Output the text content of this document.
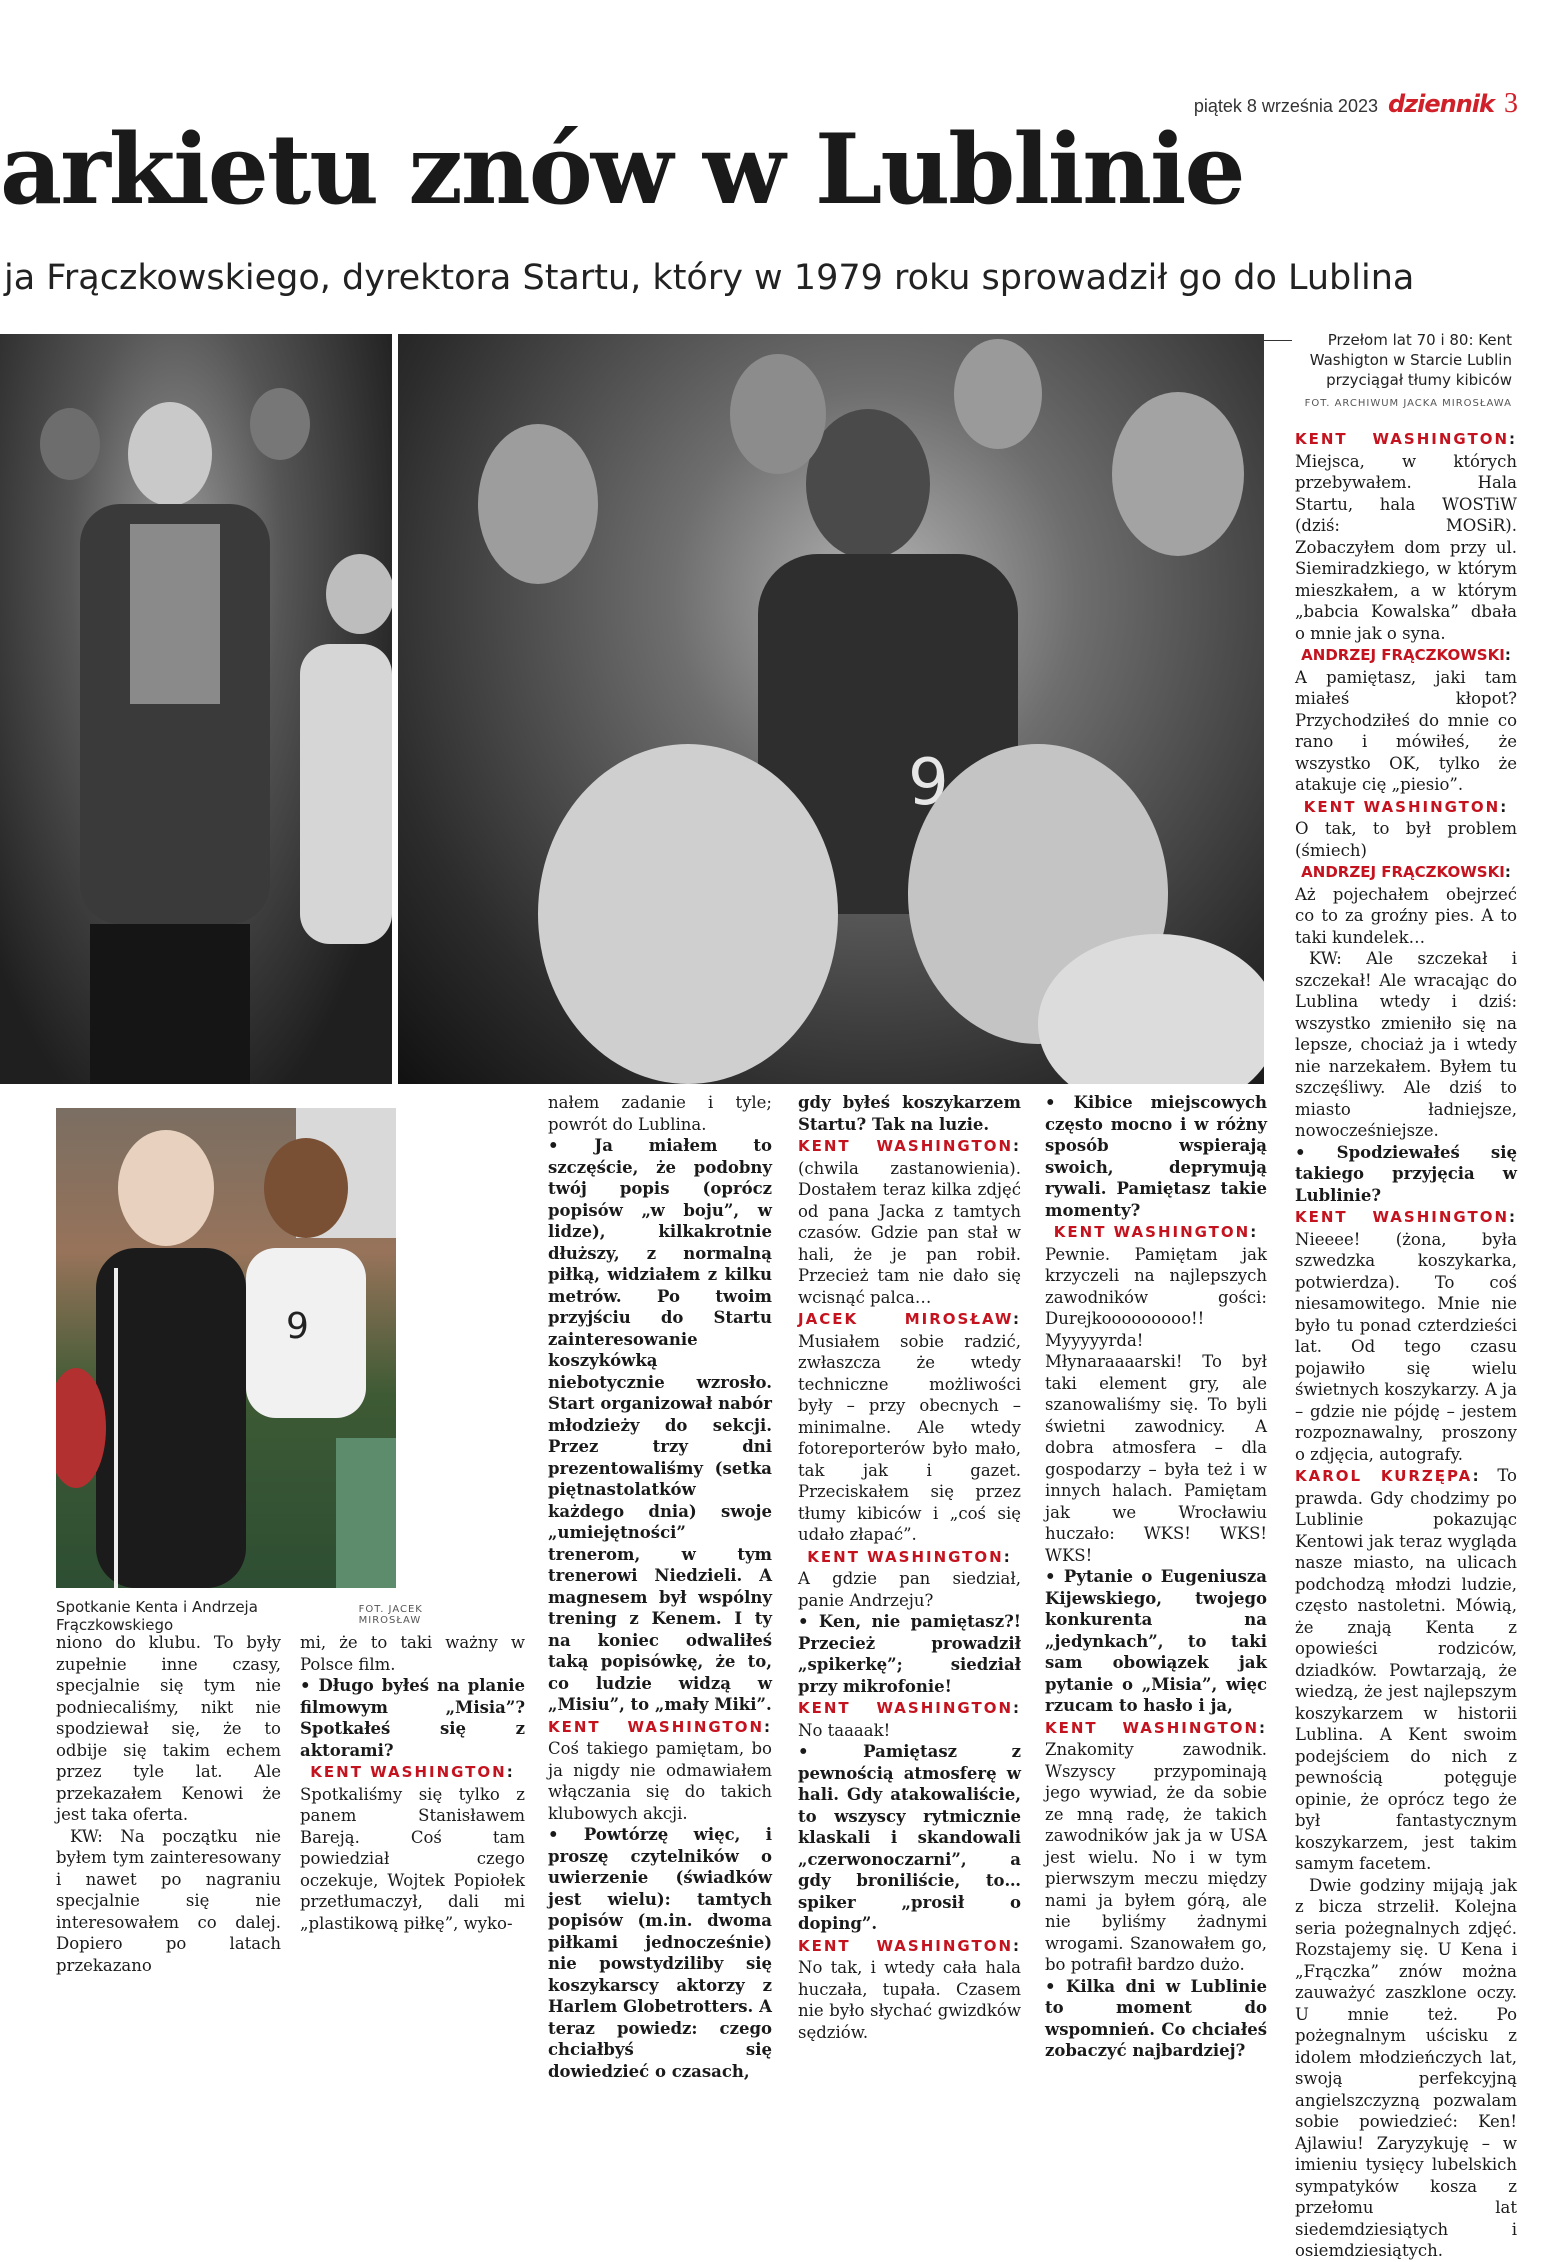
piątek 8 września 2023 dziennik 3
arkietu znów w Lublinie
ja Frączkowskiego, dyrektora Startu, który w 1979 roku sprowadził go do Lublina
9
9
Przełom lat 70 i 80: Kent
Washigton w Starcie Lublin
przyciągał tłumy kibiców
FOT. ARCHIWUM JACKA MIROSŁAWA
Spotkanie Kenta i Andrzeja Frączkowskiego
FOT. JACEK MIROSŁAW

KENT WASHINGTON : Miejsca, w których przebywałem. Hala Startu, hala WOSTiW (dziś: MOSiR). Zobaczyłem dom przy ul. Siemiradzkiego, w którym mieszkałem, a w którym „babcia Kowalska” dbała o mnie jak o syna.

ANDRZEJ FRĄCZKOWSKI :

A pamiętasz, jaki tam miałeś kłopot? Przychodziłeś do mnie co rano i mówiłeś, że wszystko OK, tylko że atakuje cię „piesio”.

KENT WASHINGTON :

O tak, to był problem (śmiech)

ANDRZEJ FRĄCZKOWSKI :

Aż pojechałem obejrzeć co to za groźny pies. A to taki kundelek…

KW: Ale szczekał i szczekał! Ale wracając do Lublina wtedy i dziś: wszystko zmieniło się na lepsze, chociaż ja i wtedy nie narzekałem. Byłem tu szczęśliwy. Ale dziś to miasto ładniejsze, nowocześniejsze.

• Spodziewałeś się takiego przyjęcia w Lublinie?

KENT WASHINGTON : Nieeee! (żona, była szwedzka koszykarka, potwierdza). To coś niesamowitego. Mnie nie było tu ponad czterdzieści lat. Od tego czasu pojawiło się wielu świetnych koszykarzy. A ja – gdzie nie pójdę – jestem rozpoznawalny, proszony o zdjęcia, autografy.

KAROL KURZĘPA : To prawda. Gdy chodzimy po Lublinie pokazując Kentowi jak teraz wygląda nasze miasto, na ulicach podchodzą młodzi ludzie, często nastoletni. Mówią, że znają Kenta z opowieści rodziców, dziadków. Powtarzają, że wiedzą, że jest najlepszym koszykarzem w historii Lublina. A Kent swoim podejściem do nich z pewnością potęguje opinie, że oprócz tego że był fantastycznym koszykarzem, jest takim samym facetem.

Dwie godziny mijają jak z bicza strzelił. Kolejna seria pożegnalnych zdjęć. Rozstajemy się. U Kena i „Frączka” znów można zauważyć zaszklone oczy. U mnie też. Po pożegnalnym uścisku z idolem młodzieńczych lat, swoją perfekcyjną angielszczyzną pozwalam sobie powiedzieć: Ken! Ajlawiu! Zaryzykuję – w imieniu tysięcy lubelskich sympatyków kosza z przełomu lat siedemdziesiątych i osiemdziesiątych.

nałem zadanie i tyle; powrót do Lublina.

• Ja miałem to szczęście, że podobny twój popis (oprócz popisów „w boju”, w lidze), kilkakrotnie dłuższy, z normalną piłką, widziałem z kilku metrów. Po twoim przyjściu do Startu zainteresowanie koszykówką niebotycznie wzrosło. Start organizował nabór młodzieży do sekcji. Przez trzy dni prezentowaliśmy (setka piętnastolatków każdego dnia) swoje „umiejętności” trenerom, w tym trenerowi Niedzieli. A magnesem był wspólny trening z Kenem. I ty na koniec odwaliłeś taką popisówkę, że to, co ludzie widzą w „Misiu”, to „mały Miki”.

KENT WASHINGTON : Coś takiego pamiętam, bo ja nigdy nie odmawiałem włączania się do takich klubowych akcji.

• Powtórzę więc, i proszę czytelników o uwierzenie (świadków jest wielu): tamtych popisów (m.in. dwoma piłkami jednocześnie) nie powstydziliby się koszykarscy aktorzy z Harlem Globetrotters. A teraz powiedz: czego chciałbyś się dowiedzieć o czasach,

gdy byłeś koszykarzem Startu? Tak na luzie.

KENT WASHINGTON : (chwila zastanowienia). Dostałem teraz kilka zdjęć od pana Jacka z tamtych czasów. Gdzie pan stał w hali, że je pan robił. Przecież tam nie dało się wcisnąć palca…

JACEK MIROSŁAW : Musiałem sobie radzić, zwłaszcza że wtedy techniczne możliwości były – przy obecnych – minimalne. Ale wtedy fotoreporterów było mało, tak jak i gazet. Przeciskałem się przez tłumy kibiców i „coś się udało złapać”.

KENT WASHINGTON :

A gdzie pan siedział, panie Andrzeju?

• Ken, nie pamiętasz?! Przecież prowadził „spikerkę”; siedział przy mikrofonie!

KENT WASHINGTON : No taaaak!

• Pamiętasz z pewnością atmosferę w hali. Gdy atakowaliście, to wszyscy rytmicznie klaskali i skandowali „czerwonoczarni”, a gdy broniliście, to… spiker „prosił o doping”.

KENT WASHINGTON : No tak, i wtedy cała hala huczała, tupała. Czasem nie było słychać gwizdków sędziów.

• Kibice miejscowych często mocno i w różny sposób wspierają swoich, deprymują rywali. Pamiętasz takie momenty?

KENT WASHINGTON :

Pewnie. Pamiętam jak krzyczeli na najlepszych zawodników gości: Durejkooooooooo!! Myyyyyrda! Młynaraaaarski! To był taki element gry, ale szanowaliśmy się. To byli świetni zawodnicy. A dobra atmosfera – dla gospodarzy – była też i w innych halach. Pamiętam jak we Wrocławiu huczało: WKS! WKS! WKS!

• Pytanie o Eugeniusza Kijewskiego, twojego konkurenta na „jedynkach”, to taki sam obowiązek jak pytanie o „Misia”, więc rzucam to hasło i ja,

KENT WASHINGTON : Znakomity zawodnik. Wszyscy przypominają jego wywiad, że da sobie ze mną radę, że takich zawodników jak ja w USA jest wielu. No i w tym pierwszym meczu między nami ja byłem górą, ale nie byliśmy żadnymi wrogami. Szanowałem go, bo potrafił bardzo dużo.

• Kilka dni w Lublinie to moment do wspomnień. Co chciałeś zobaczyć najbardziej?

niono do klubu. To były zupełnie inne czasy, specjalnie się tym nie podniecaliśmy, nikt nie spodziewał się, że to odbije się takim echem przez tyle lat. Ale przekazałem Kenowi że jest taka oferta.

KW: Na początku nie byłem tym zainteresowany i nawet po nagraniu specjalnie się nie interesowałem co dalej. Dopiero po latach przekazano

mi, że to taki ważny w Polsce film.

• Długo byłeś na planie filmowym „Misia”? Spotkałeś się z aktorami?

KENT WASHINGTON :

Spotkaliśmy się tylko z panem Stanisławem Bareją. Coś tam powiedział czego oczekuje, Wojtek Popiołek przetłumaczył, dali mi „plastikową piłkę”, wyko-
